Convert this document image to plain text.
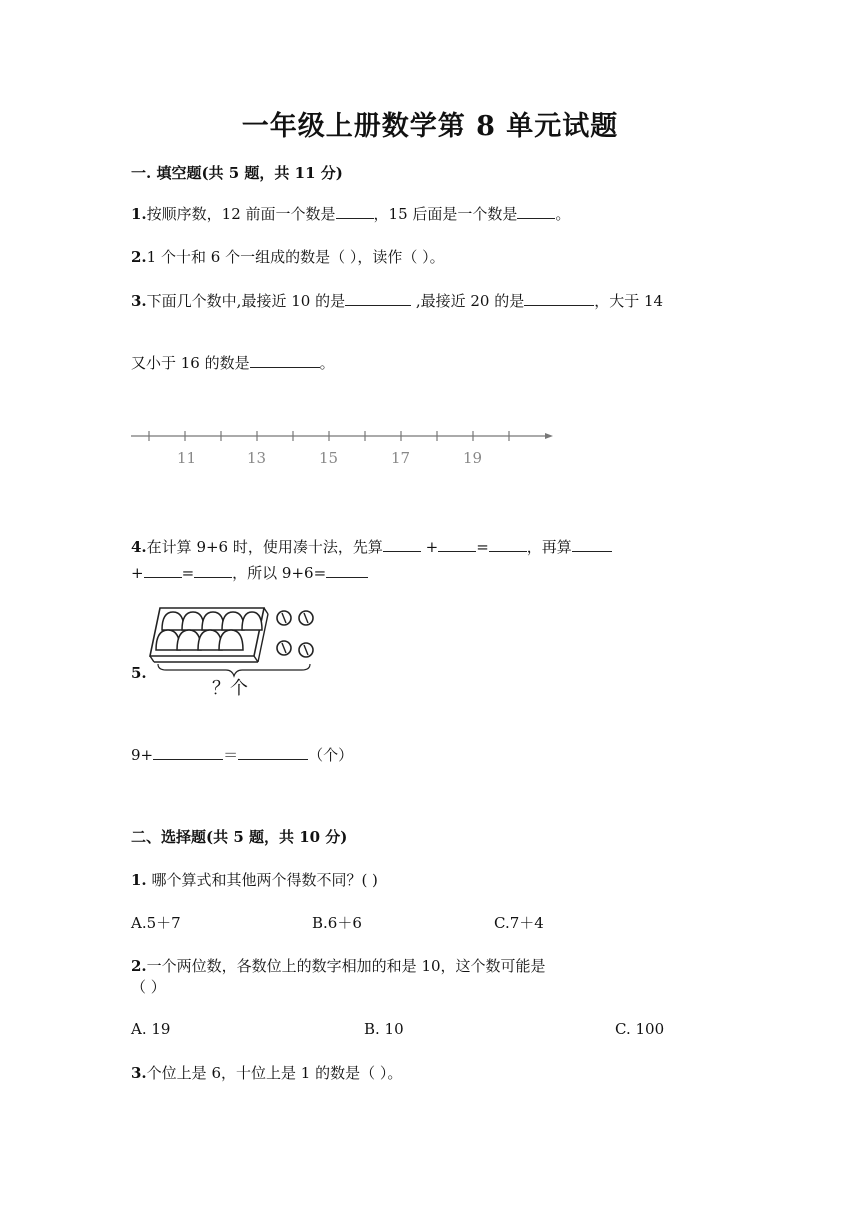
一年级上册数学第 8 单元试题
一. 填空题(共 5 题，共 11 分)
1.按顺序数，12 前面一个数是	，15 后面是一个数是	。
2.1 个十和 6 个一组成的数是（ ），读作（ ）。
3.下面几个数中,最接近 10 的是	,最接近 20 的是	，大于 14
又小于 16 的数是	。
11	13	15	17	19
4.在计算 9+6 时，使用凑十法，先算	+	=	，再算
+	=	，所以 9+6=
5.
？个
9+	＝	（个）
二、选择题(共 5 题，共 10 分)
1. 哪个算式和其他两个得数不同？( )
A.5＋7	B.6＋6	C.7＋4
2.一个两位数，各数位上的数字相加的和是 10，这个数可能是
（ ）
A. 19	B. 10	C. 100
3.个位上是 6，十位上是 1 的数是（ ）。
